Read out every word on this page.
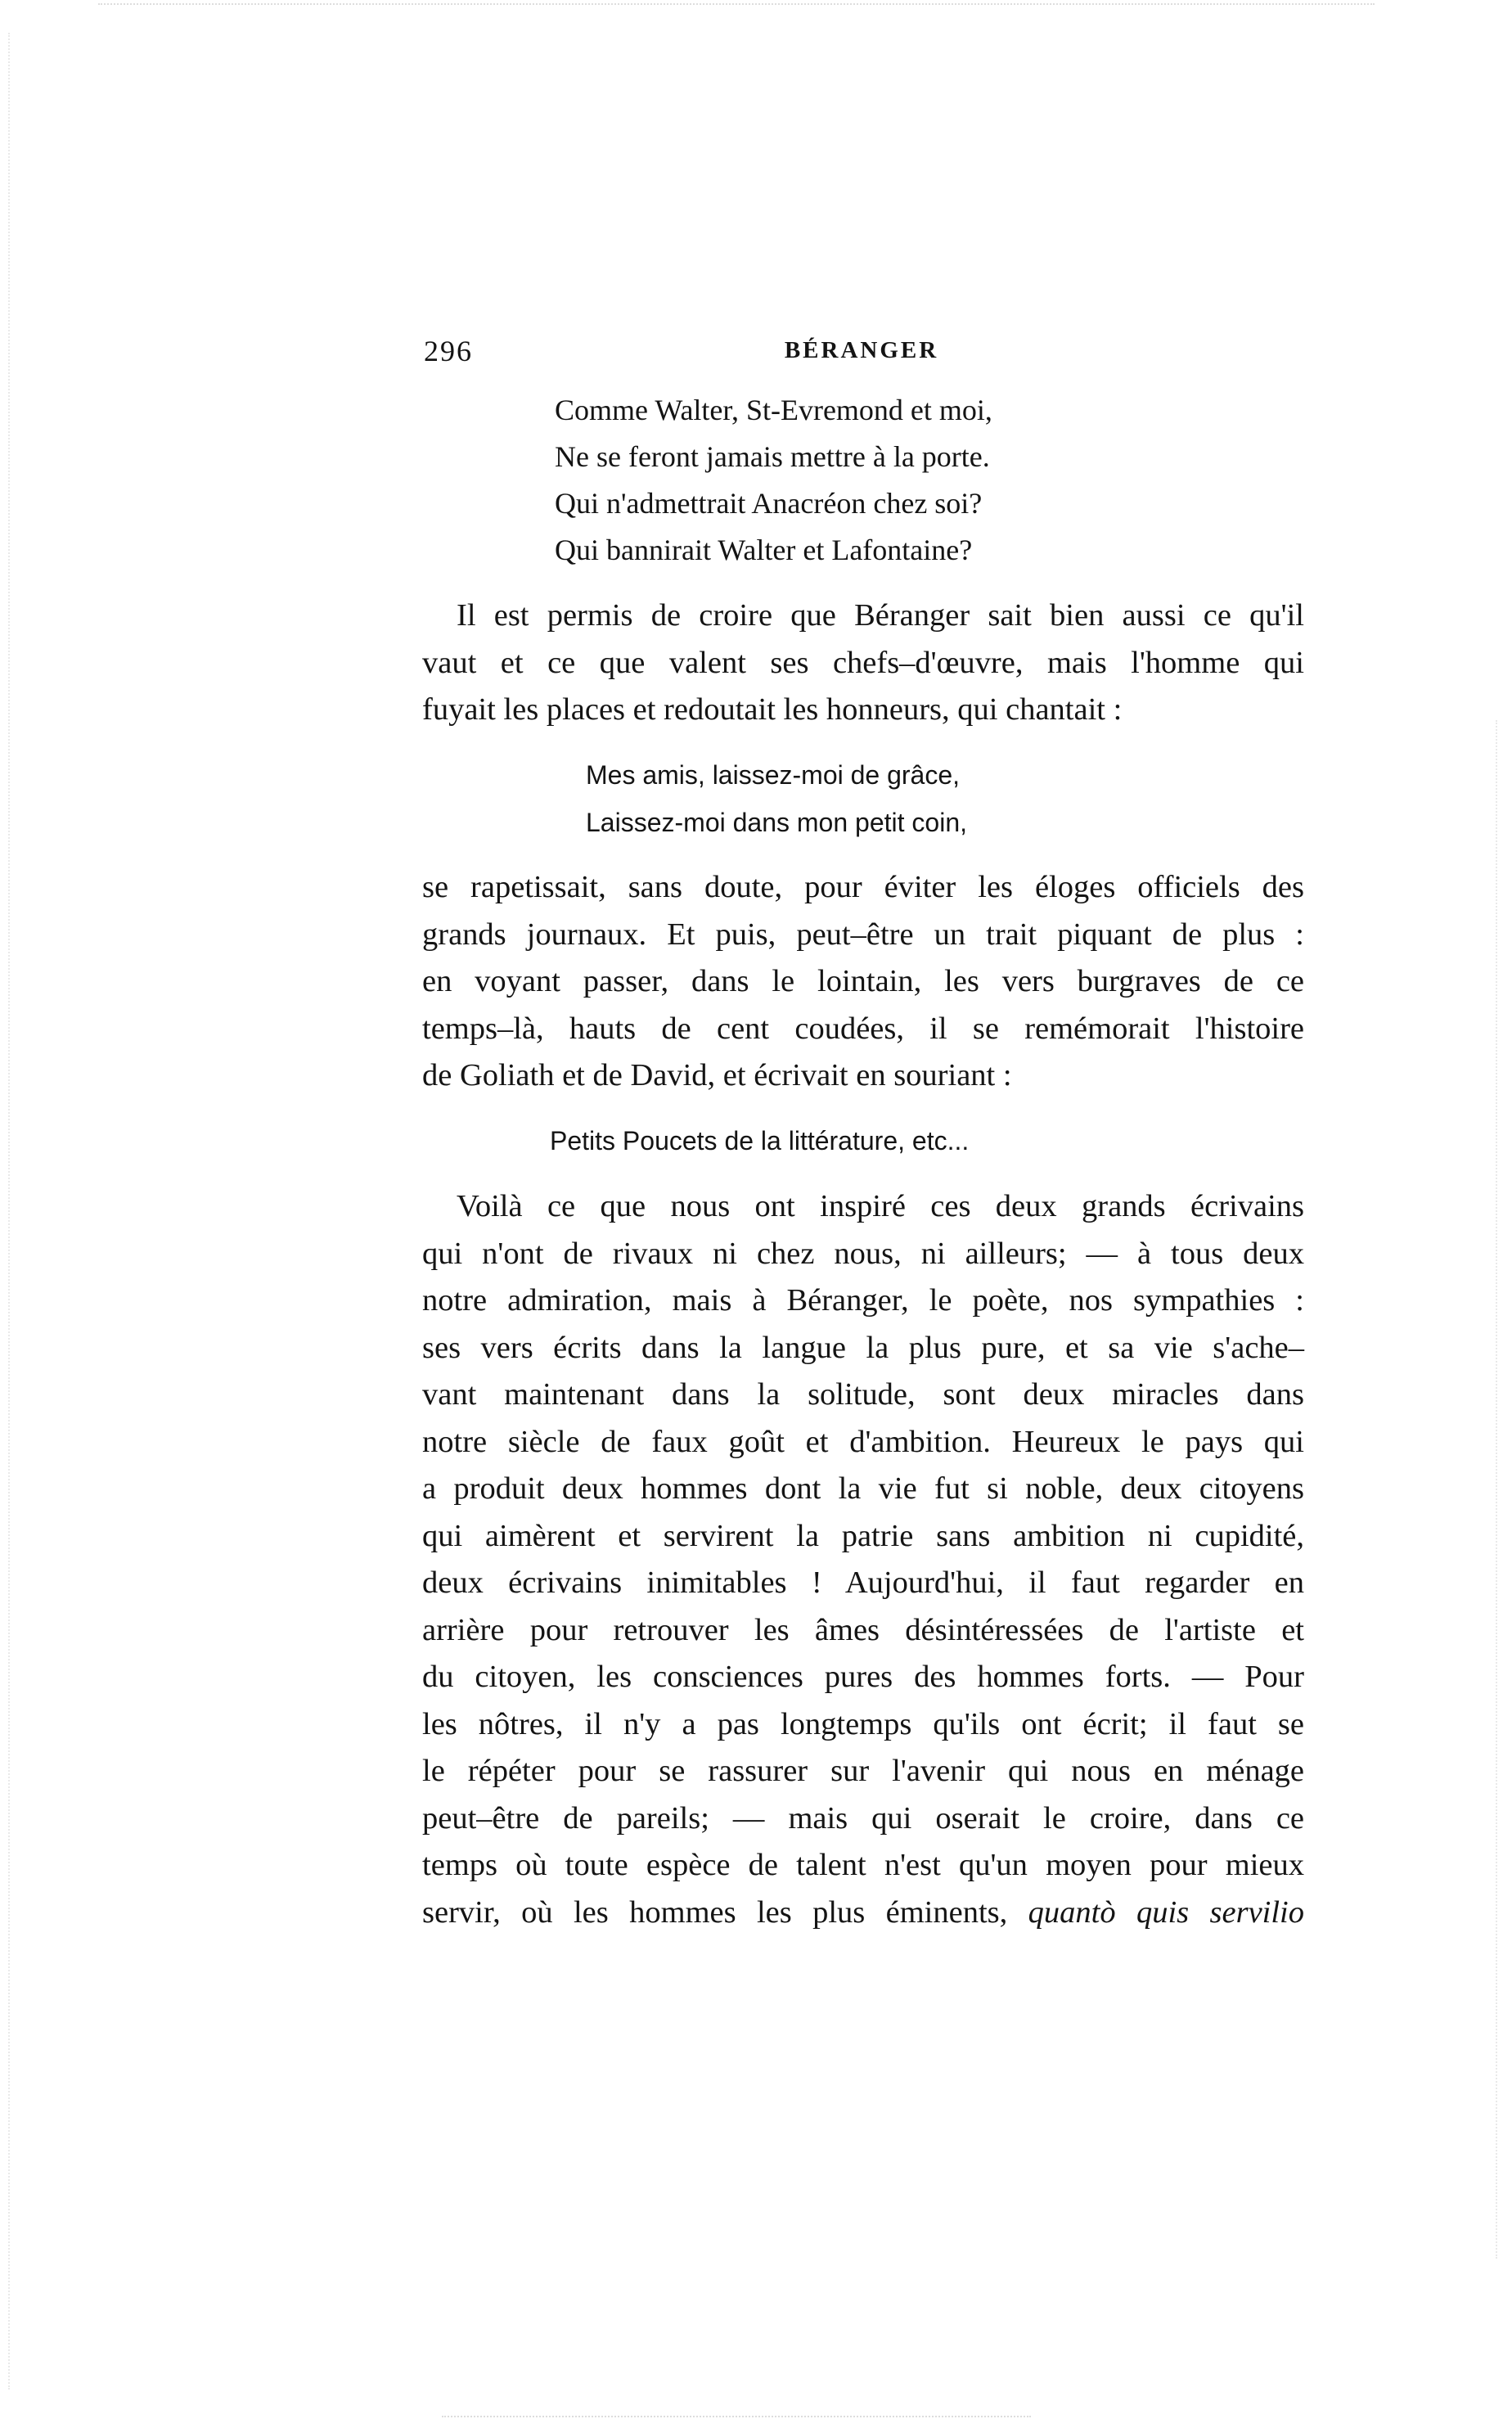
296	BÉRANGER
Comme Walter, St-Evremond et moi,
Ne se feront jamais mettre à la porte.
Qui n'admettrait Anacréon chez soi?
Qui bannirait Walter et Lafontaine?
Il est permis de croire que Béranger sait bien aussi ce qu'il
vaut et ce que valent ses chefs–d'œuvre, mais l'homme qui
fuyait les places et redoutait les honneurs, qui chantait :
Mes amis, laissez-moi de grâce,
Laissez-moi dans mon petit coin,
se rapetissait, sans doute, pour éviter les éloges officiels des
grands journaux. Et puis, peut–être un trait piquant de plus :
en voyant passer, dans le lointain, les vers burgraves de ce
temps–là, hauts de cent coudées, il se remémorait l'histoire
de Goliath et de David, et écrivait en souriant :
Petits Poucets de la littérature, etc...
Voilà ce que nous ont inspiré ces deux grands écrivains
qui n'ont de rivaux ni chez nous, ni ailleurs; — à tous deux
notre admiration, mais à Béranger, le poète, nos sympathies :
ses vers écrits dans la langue la plus pure, et sa vie s'ache–
vant maintenant dans la solitude, sont deux miracles dans
notre siècle de faux goût et d'ambition. Heureux le pays qui
a produit deux hommes dont la vie fut si noble, deux citoyens
qui aimèrent et servirent la patrie sans ambition ni cupidité,
deux écrivains inimitables ! Aujourd'hui, il faut regarder en
arrière pour retrouver les âmes désintéressées de l'artiste et
du citoyen, les consciences pures des hommes forts. — Pour
les nôtres, il n'y a pas longtemps qu'ils ont écrit; il faut se
le répéter pour se rassurer sur l'avenir qui nous en ménage
peut–être de pareils; — mais qui oserait le croire, dans ce
temps où toute espèce de talent n'est qu'un moyen pour mieux
servir, où les hommes les plus éminents, quantò quis servilio
